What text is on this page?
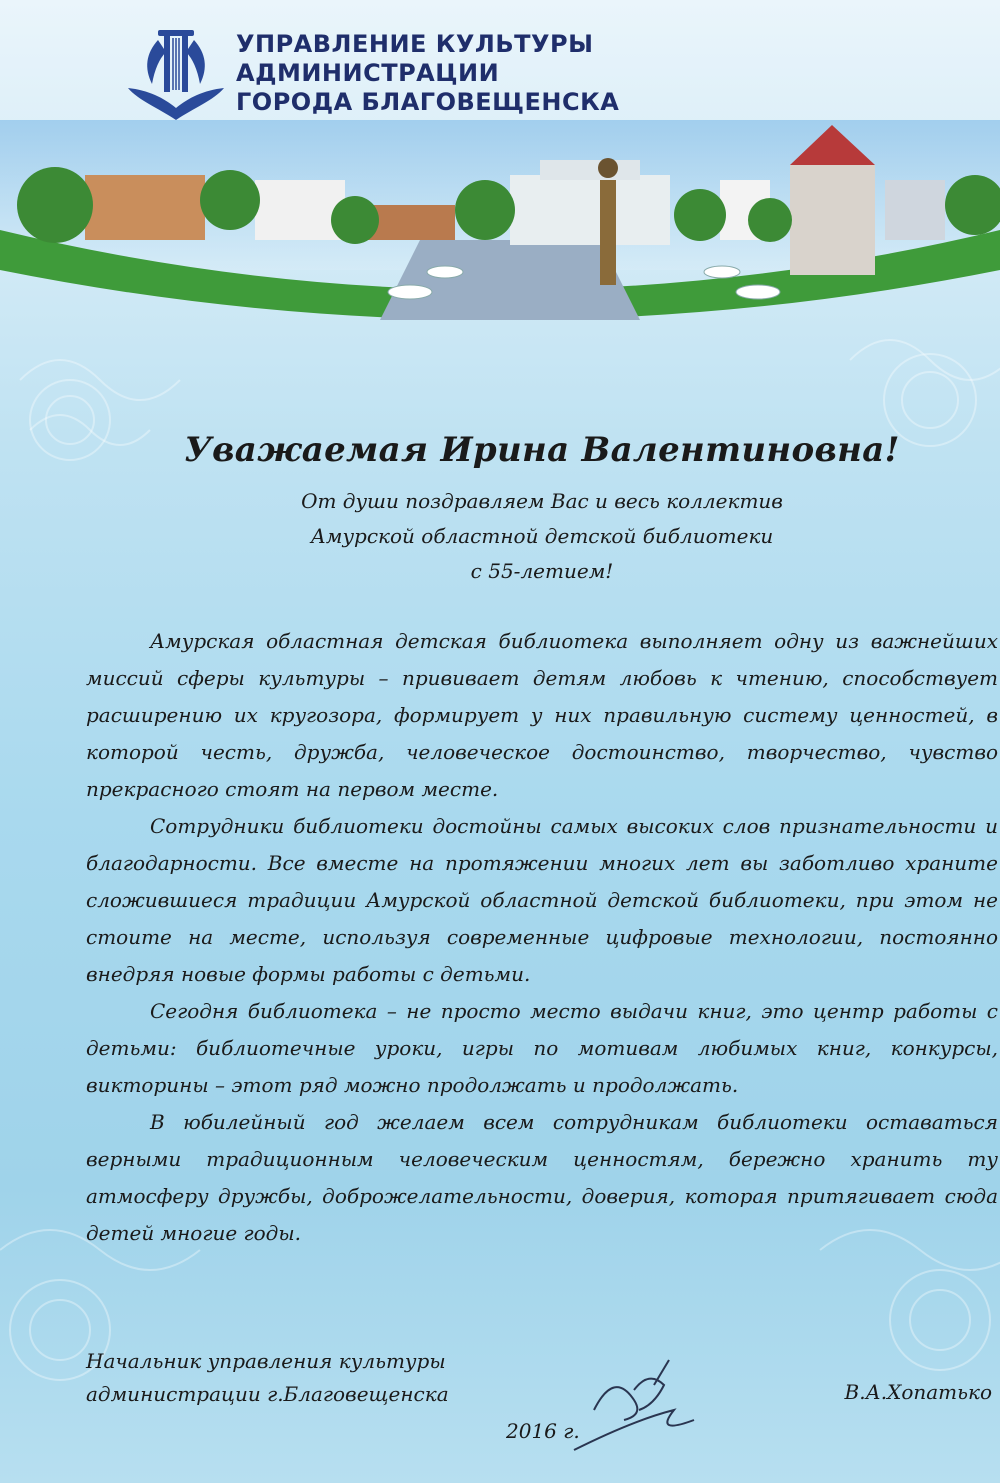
УПРАВЛЕНИЕ КУЛЬТУРЫ
АДМИНИСТРАЦИИ
ГОРОДА БЛАГОВЕЩЕНСКА
Уважаемая Ирина Валентиновна!

От души поздравляем Вас и весь коллектив
Амурской областной детской библиотеки
с 55-летием!

Амурская областная детская библиотека выполняет одну из важнейших миссий сферы культуры – прививает детям любовь к чтению, способствует расширению их кругозора, формирует у них правильную систему ценностей, в которой честь, дружба, человеческое достоинство, творчество, чувство прекрасного стоят на первом месте.

Сотрудники библиотеки достойны самых высоких слов признательности и благодарности. Все вместе на протяжении многих лет вы заботливо храните сложившиеся традиции Амурской областной детской библиотеки, при этом не стоите на месте, используя современные цифровые технологии, постоянно внедряя новые формы работы с детьми.

Сегодня библиотека – не просто место выдачи книг, это центр работы с детьми: библиотечные уроки, игры по мотивам любимых книг, конкурсы, викторины – этот ряд можно продолжать и продолжать.

В юбилейный год желаем всем сотрудникам библиотеки оставаться верными традиционным человеческим ценностям, бережно хранить ту атмосферу дружбы, доброжелательности, доверия, которая притягивает сюда детей многие годы.

Начальник управления культуры
администрации г.Благовещенска
2016 г.
В.А.Хопатько
